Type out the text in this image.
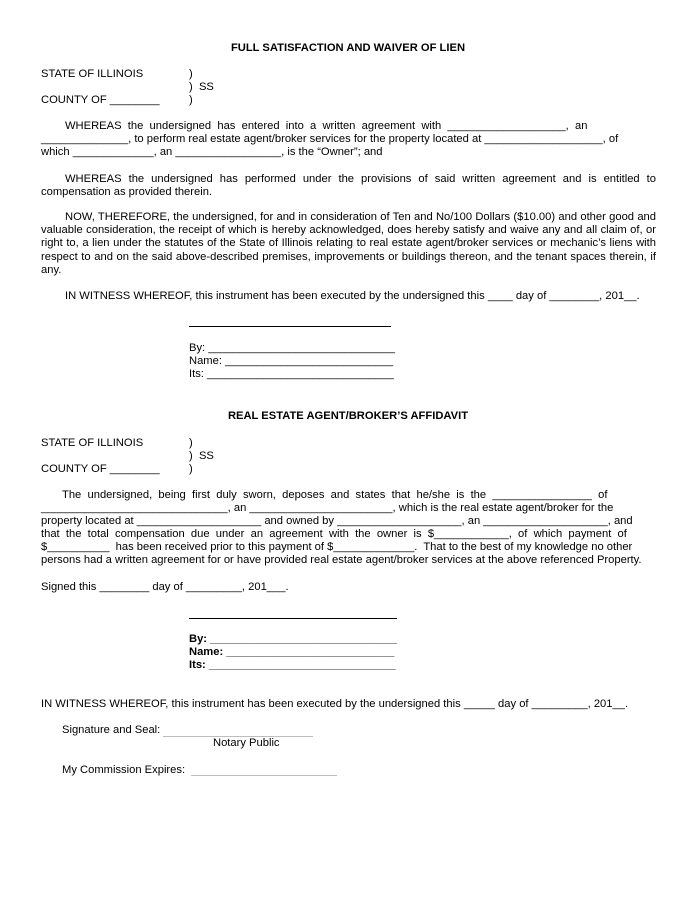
FULL SATISFACTION AND WAIVER OF LIEN
STATE OF ILLINOIS	)
)  SS
COUNTY OF ________	)
WHEREAS  the  undersigned  has  entered  into  a  written  agreement  with  ___________________,  an
______________, to perform real estate agent/broker services for the property located at ___________________, of
which _____________, an _________________, is the “Owner”; and
WHEREAS the undersigned has performed under the provisions of said written agreement and is entitled to compensation as provided therein.
NOW, THEREFORE, the undersigned, for and in consideration of Ten and No/100 Dollars ($10.00) and other good and valuable consideration, the receipt of which is hereby acknowledged, does hereby satisfy and waive any and all claim of, or right to, a lien under the statutes of the State of Illinois relating to real estate agent/broker services or mechanic’s liens with respect to and on the said above-described premises, improvements or buildings thereon, and the tenant spaces therein, if any.
IN WITNESS WHEREOF, this instrument has been executed by the undersigned this ____ day of ________, 201__.
By: ______________________________
Name: ___________________________
Its: ______________________________
REAL ESTATE AGENT/BROKER’S AFFIDAVIT
STATE OF ILLINOIS	)
)  SS
COUNTY OF ________	)
The  undersigned,  being  first  duly  sworn,  deposes  and  states  that  he/she  is  the  ________________  of
______________________________, an _______________________, which is the real estate agent/broker for the
property located at ____________________ and owned by ____________________, an ____________________, and
that  the  total  compensation  due  under  an  agreement  with  the  owner  is  $____________,  of  which  payment  of
$__________  has been received prior to this payment of $_____________.  That to the best of my knowledge no other
persons had a written agreement for or have provided real estate agent/broker services at the above referenced Property.
Signed this ________ day of _________, 201___.
By: ______________________________
Name: ___________________________
Its: ______________________________
IN WITNESS WHEREOF, this instrument has been executed by the undersigned this _____ day of _________, 201__.
Signature and Seal:
Notary Public
My Commission Expires:
